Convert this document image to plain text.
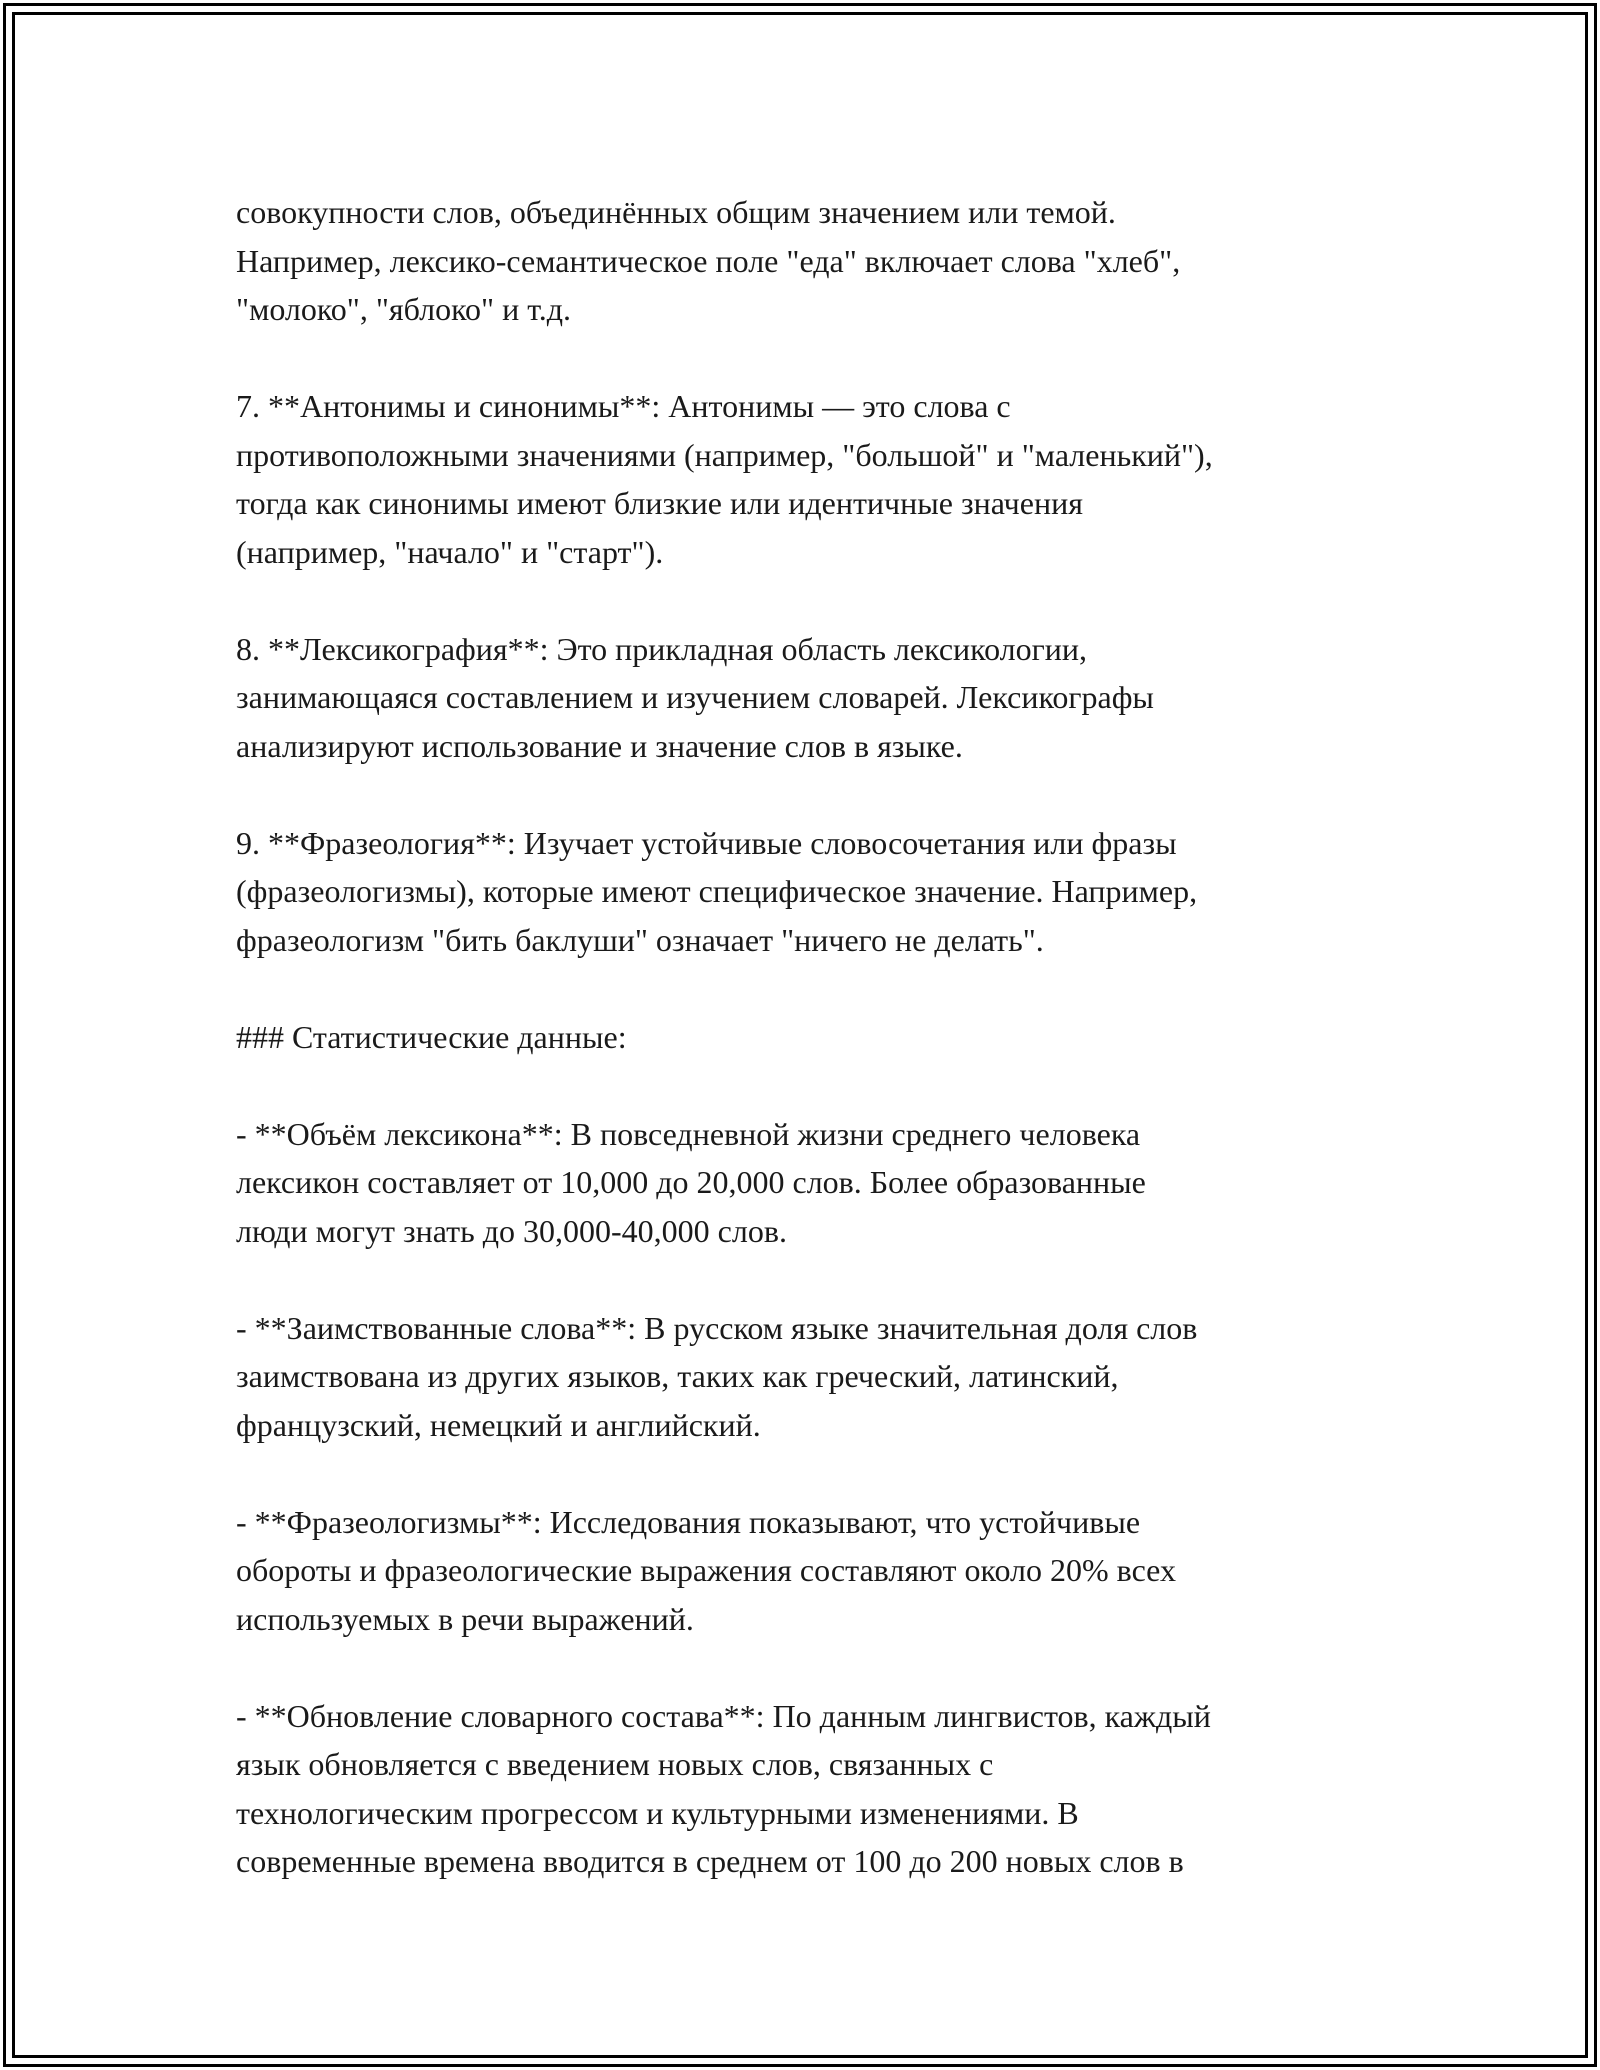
совокупности слов, объединённых общим значением или темой.
Например, лексико-семантическое поле "еда" включает слова "хлеб",
"молоко", "яблоко" и т.д.

7. **Антонимы и синонимы**: Антонимы — это слова с
противоположными значениями (например, "большой" и "маленький"),
тогда как синонимы имеют близкие или идентичные значения
(например, "начало" и "старт").

8. **Лексикография**: Это прикладная область лексикологии,
занимающаяся составлением и изучением словарей. Лексикографы
анализируют использование и значение слов в языке.

9. **Фразеология**: Изучает устойчивые словосочетания или фразы
(фразеологизмы), которые имеют специфическое значение. Например,
фразеологизм "бить баклуши" означает "ничего не делать".

### Статистические данные:

- **Объём лексикона**: В повседневной жизни среднего человека
лексикон составляет от 10,000 до 20,000 слов. Более образованные
люди могут знать до 30,000-40,000 слов.

- **Заимствованные слова**: В русском языке значительная доля слов
заимствована из других языков, таких как греческий, латинский,
французский, немецкий и английский.

- **Фразеологизмы**: Исследования показывают, что устойчивые
обороты и фразеологические выражения составляют около 20% всех
используемых в речи выражений.

- **Обновление словарного состава**: По данным лингвистов, каждый
язык обновляется с введением новых слов, связанных с
технологическим прогрессом и культурными изменениями. В
современные времена вводится в среднем от 100 до 200 новых слов в
